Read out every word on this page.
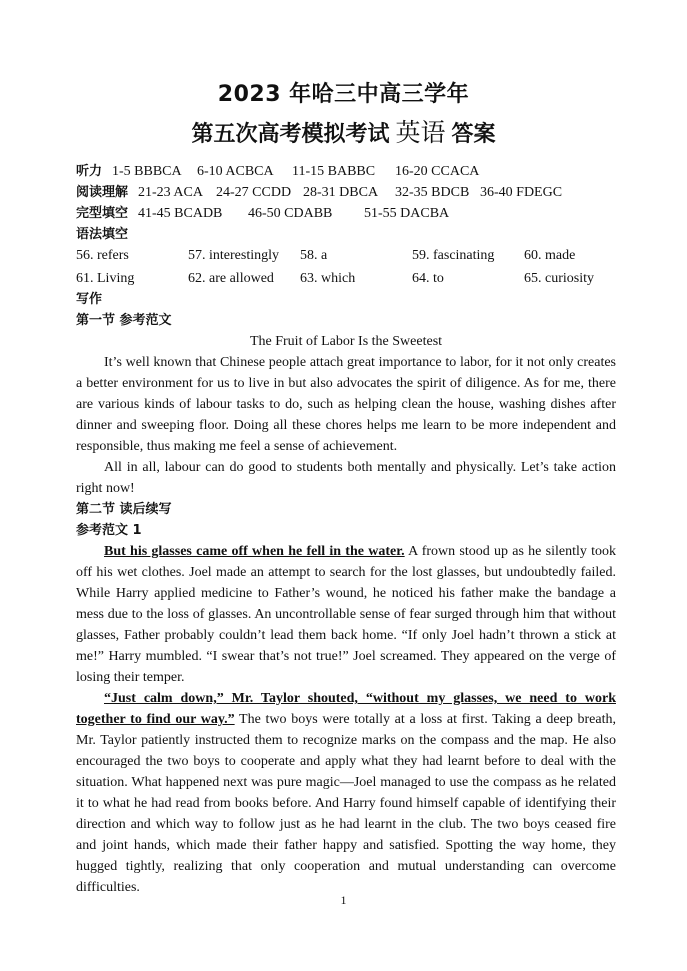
2023 年哈三中高三学年
第五次高考模拟考试 英语 答案
听力 1-5 BBBCA 6-10 ACBCA 11-15 BABBC 16-20 CCACA
阅读理解 21-23 ACA 24-27 CCDD 28-31 DBCA 32-35 BDCB 36-40 FDEGC
完型填空 41-45 BCADB 46-50 CDABB 51-55 DACBA
语法填空
56. refers	57. interestingly 58. a	59. fascinating 60. made
61. Living	62. are allowed 63. which	64. to	65. curiosity
写作
第一节 参考范文
The Fruit of Labor Is the Sweetest

It’s well known that Chinese people attach great importance to labor, for it not only creates a better environment for us to live in but also advocates the spirit of diligence. As for me, there are various kinds of labour tasks to do, such as helping clean the house, washing dishes after dinner and sweeping floor. Doing all these chores helps me learn to be more independent and responsible, thus making me feel a sense of achievement.

All in all, labour can do good to students both mentally and physically. Let’s take action right now!

第二节 读后续写
参考范文 1

But his glasses came off when he fell in the water. A frown stood up as he silently took off his wet clothes. Joel made an attempt to search for the lost glasses, but undoubtedly failed. While Harry applied medicine to Father’s wound, he noticed his father make the bandage a mess due to the loss of glasses. An uncontrollable sense of fear surged through him that without glasses, Father probably couldn’t lead them back home. “If only Joel hadn’t thrown a stick at me!” Harry mumbled. “I swear that’s not true!” Joel screamed. They appeared on the verge of losing their temper.

“Just calm down,” Mr. Taylor shouted, “without my glasses, we need to work together to find our way.” The two boys were totally at a loss at first. Taking a deep breath, Mr. Taylor patiently instructed them to recognize marks on the compass and the map. He also encouraged the two boys to cooperate and apply what they had learnt before to deal with the situation. What happened next was pure magic—Joel managed to use the compass as he related it to what he had read from books before. And Harry found himself capable of identifying their direction and which way to follow just as he had learnt in the club. The two boys ceased fire and joint hands, which made their father happy and satisfied. Spotting the way home, they hugged tightly, realizing that only cooperation and mutual understanding can overcome difficulties.

1
